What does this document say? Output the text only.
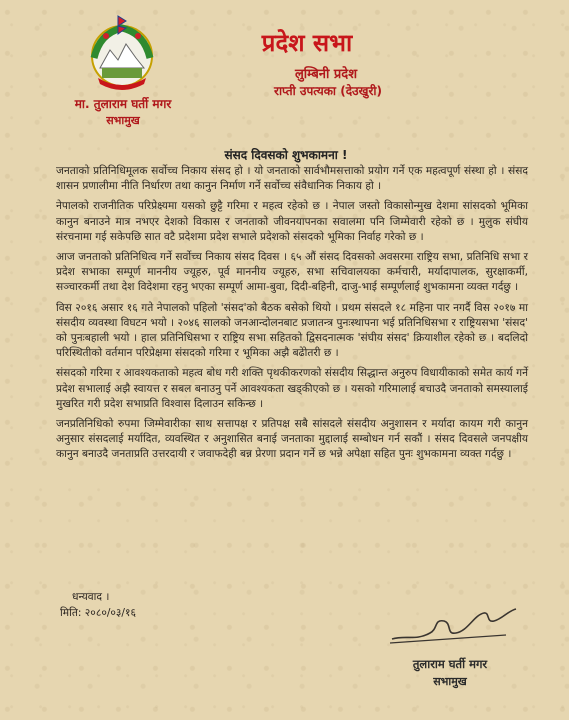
मा. तुलाराम घर्ती मगर
सभामुख
प्रदेश सभा
लुम्बिनी प्रदेश
राप्ती उपत्यका (देउखुरी)
संसद दिवसको शुभकामना !

जनताको प्रतिनिधिमूलक सर्वोच्च निकाय संसद हो । यो जनताको सार्वभौमसत्ताको प्रयोग गर्ने एक महत्वपूर्ण संस्था हो । संसद शासन प्रणालीमा नीति निर्धारण तथा कानुन निर्माण गर्ने सर्वोच्च संवैधानिक निकाय हो ।

नेपालको राजनीतिक परिप्रेक्ष्यमा यसको छुट्टै गरिमा र महत्व रहेको छ । नेपाल जस्तो विकासोन्मुख देशमा सांसदको भूमिका कानुन बनाउने मात्र नभएर देशको विकास र जनताको जीवनयापनका सवालमा पनि जिम्मेवारी रहेको छ । मुलुक संघीय संरचनामा गई सकेपछि सात वटै प्रदेशमा प्रदेश सभाले प्रदेशको संसदको भूमिका निर्वाह गरेको छ ।

आज जनताको प्रतिनिधित्व गर्ने सर्वोच्च निकाय संसद दिवस । ६५ औं संसद दिवसको अवसरमा राष्ट्रिय सभा, प्रतिनिधि सभा र प्रदेश सभाका सम्पूर्ण माननीय ज्यूहरु, पूर्व माननीय ज्यूहरु, सभा सचिवालयका कर्मचारी, मर्यादापालक, सुरक्षाकर्मी, सञ्चारकर्मी तथा देश विदेशमा रहनु भएका सम्पूर्ण आमा-बुवा, दिदी-बहिनी, दाजु-भाई सम्पूर्णलाई शुभकामना व्यक्त गर्दछु ।

विस २०१६ असार १६ गते नेपालको पहिलो 'संसद'को बैठक बसेको थियो । प्रथम संसदले १८ महिना पार नगर्दै विस २०१७ मा संसदीय व्यवस्था विघटन भयो । २०४६ सालको जनआन्दोलनबाट प्रजातन्त्र पुनःस्थापना भई प्रतिनिधिसभा र राष्ट्रियसभा 'संसद' को पुनःबहाली भयो । हाल प्रतिनिधिसभा र राष्ट्रिय सभा सहितको द्विसदनात्मक 'संघीय संसद' क्रियाशील रहेको छ । बदलिदो परिस्थितीको वर्तमान परिप्रेक्षमा संसदको गरिमा र भूमिका अझै बढेोतरी छ ।

संसदको गरिमा र आवश्यकताको महत्व बोध गरी शक्ति पृथकीकरणको संसदीय सिद्धान्त अनुरुप विधायीकाको समेत कार्य गर्ने प्रदेश सभालाई अझै स्वायत्त र सबल बनाउनु पर्ने आवश्यकता खड्कीएको छ । यसको गरिमालाई बचाउदै जनताको समस्यालाई मुखरित गरी प्रदेश सभाप्रति विश्वास दिलाउन सकिन्छ ।

जनप्रतिनिधिको रुपमा जिम्मेवारीका साथ सत्तापक्ष र प्रतिपक्ष सबै सांसदले संसदीय अनुशासन र मर्यादा कायम गरी कानुन अनुसार संसदलाई मर्यादित, व्यवस्थित र अनुशासित बनाई जनताका मुद्दालाई सम्बोधन गर्न सकौं । संसद दिवसले जनपक्षीय कानुन बनाउदै जनताप्रति उत्तरदायी र जवाफदेही बन्न प्रेरणा प्रदान गर्ने छ भन्ने अपेक्षा सहित पुनः शुभकामना व्यक्त गर्दछु ।

धन्यवाद ।
मिति: २०८०/०३/१६
तुलाराम घर्ती मगर
सभामुख
